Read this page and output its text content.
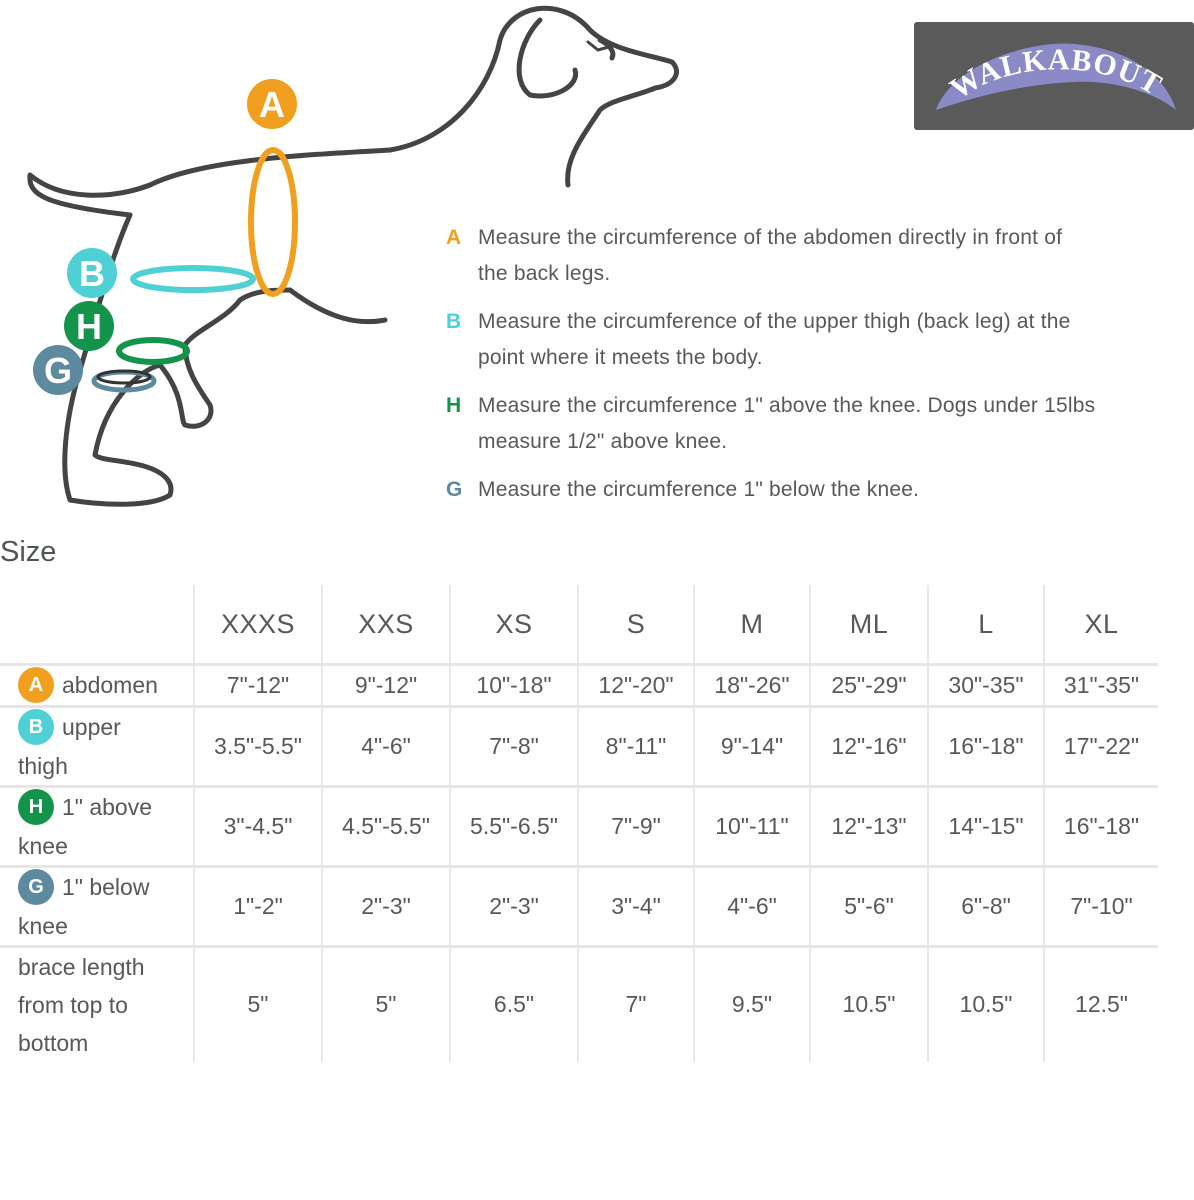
A
B
H
G
WALKABOUT
A Measure the circumference of the abdomen directly in front of
the back legs.
B Measure the circumference of the upper thigh (back leg) at the
point where it meets the body.
H Measure the circumference 1" above the knee. Dogs under 15lbs
measure 1/2" above knee.
G Measure the circumference 1" below the knee.
Size
	XXXS	XXS	XS	S	M	ML	L	XL

A abdomen	7"-12"	9"-12"	10"-18"	12"-20"	18"-26"	25"-29"	30"-35"	31"-35"

B upper
thigh	3.5"-5.5"	4"-6"	7"-8"	8"-11"	9"-14"	12"-16"	16"-18"	17"-22"

H 1" above
knee	3"-4.5"	4.5"-5.5"	5.5"-6.5"	7"-9"	10"-11"	12"-13"	14"-15"	16"-18"

G 1" below
knee	1"-2"	2"-3"	2"-3"	3"-4"	4"-6"	5"-6"	6"-8"	7"-10"

brace length
from top to
bottom	5"	5"	6.5"	7"	9.5"	10.5"	10.5"	12.5"
